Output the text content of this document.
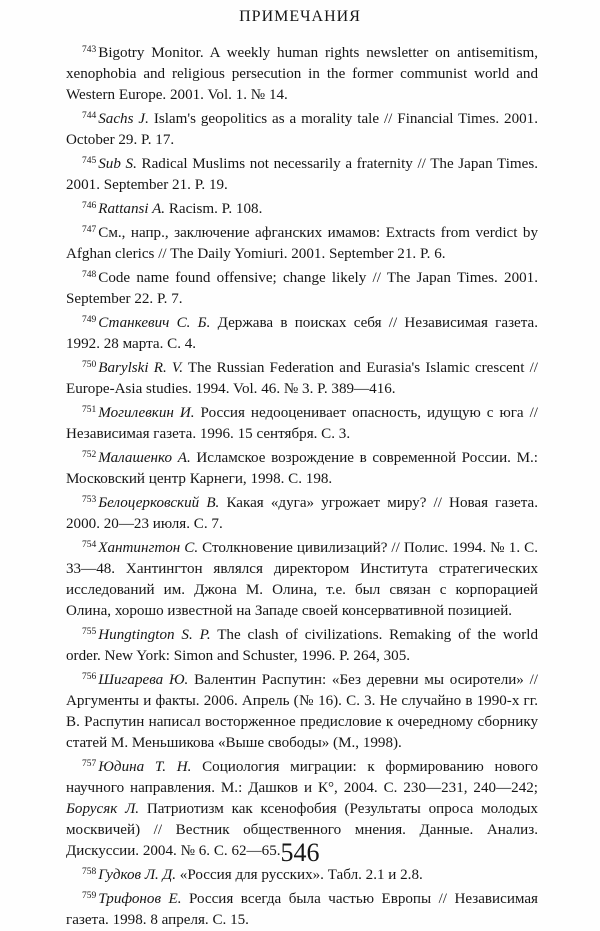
ПРИМЕЧАНИЯ

$^{743}$ Bigotry Monitor. A weekly human rights newsletter on antisemitism, xenophobia and religious persecution in the former communist world and Western Europe. 2001. Vol. 1. № 14.

$^{744}$ Sachs J. Islam's geopolitics as a morality tale // Financial Times. 2001. October 29. P. 17.

$^{745}$ Sub S. Radical Muslims not necessarily a fraternity // The Japan Times. 2001. September 21. P. 19.

$^{746}$ Rattansi A. Racism. P. 108.

$^{747}$ См., напр., заключение афганских имамов: Extracts from verdict by Afghan clerics // The Daily Yomiuri. 2001. September 21. P. 6.

$^{748}$ Code name found offensive; change likely // The Japan Times. 2001. September 22. P. 7.

$^{749}$ Станкевич С. Б. Держава в поисках себя // Независимая газета. 1992. 28 марта. С. 4.

$^{750}$ Barylski R. V. The Russian Federation and Eurasia's Islamic crescent // Europe-Asia studies. 1994. Vol. 46. № 3. P. 389—416.

$^{751}$ Могилевкин И. Россия недооценивает опасность, идущую с юга // Независимая газета. 1996. 15 сентября. С. 3.

$^{752}$ Малашенко А. Исламское возрождение в современной России. М.: Московский центр Карнеги, 1998. С. 198.

$^{753}$ Белоцерковский В. Какая «дуга» угрожает миру? // Новая газета. 2000. 20—23 июля. С. 7.

$^{754}$ Хантингтон С. Столкновение цивилизаций? // Полис. 1994. № 1. С. 33—48. Хантингтон являлся директором Института стратегических исследований им. Джона М. Олина, т.е. был связан с корпорацией Олина, хорошо известной на Западе своей консервативной позицией.

$^{755}$ Hungtington S. P. The clash of civilizations. Remaking of the world order. New York: Simon and Schuster, 1996. P. 264, 305.

$^{756}$ Шигарева Ю. Валентин Распутин: «Без деревни мы осиротели» // Аргументы и факты. 2006. Апрель (№ 16). С. 3. Не случайно в 1990-х гг. В. Распутин написал восторженное предисловие к очередному сборнику статей М. Меньшикова «Выше свободы» (М., 1998).

$^{757}$ Юдина Т. Н. Социология миграции: к формированию нового научного направления. М.: Дашков и К°, 2004. С. 230—231, 240—242; Борусяк Л. Патриотизм как ксенофобия (Результаты опроса молодых москвичей) // Вестник общественного мнения. Данные. Анализ. Дискуссии. 2004. № 6. С. 62—65.

$^{758}$ Гудков Л. Д. «Россия для русских». Табл. 2.1 и 2.8.

$^{759}$ Трифонов Е. Россия всегда была частью Европы // Независимая газета. 1998. 8 апреля. С. 15.

546
